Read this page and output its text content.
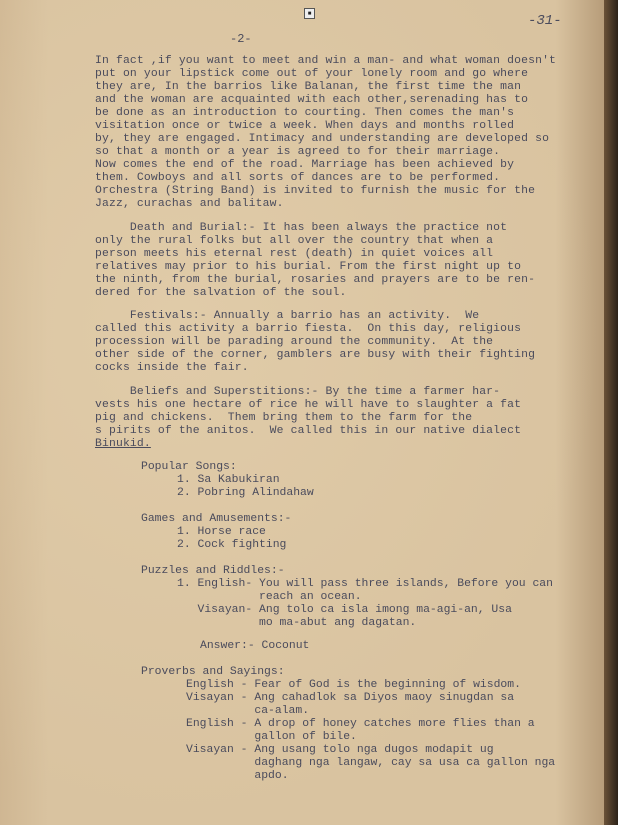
■
-2-
-31-
In fact ,if you want to meet and win a man- and what woman doesn't
put on your lipstick come out of your lonely room and go where
they are, In the barrios like Balanan, the first time the man
and the woman are acquainted with each other,serenading has to
be done as an introduction to courting. Then comes the man's
visitation once or twice a week. When days and months rolled
by, they are engaged. Intimacy and understanding are developed so
so that a month or a year is agreed to for their marriage.
Now comes the end of the road. Marriage has been achieved by
them. Cowboys and all sorts of dances are to be performed.
Orchestra (String Band) is invited to furnish the music for the
Jazz, curachas and balitaw.
Death and Burial:- It has been always the practice not
only the rural folks but all over the country that when a
person meets his eternal rest (death) in quiet voices all
relatives may prior to his burial. From the first night up to
the ninth, from the burial, rosaries and prayers are to be ren-
dered for the salvation of the soul.
Festivals:- Annually a barrio has an activity.  We
called this activity a barrio fiesta.  On this day, religious
procession will be parading around the community.  At the
other side of the corner, gamblers are busy with their fighting
cocks inside the fair.
Beliefs and Superstitions:- By the time a farmer har-
vests his one hectare of rice he will have to slaughter a fat
pig and chickens.  Them bring them to the farm for the
s pirits of the anitos.  We called this in our native dialect
Binukid.
Popular Songs:
1. Sa Kabukiran
2. Pobring Alindahaw
Games and Amusements:-
1. Horse race
2. Cock fighting
Puzzles and Riddles:-
1. English- You will pass three islands, Before you can
reach an ocean.
Visayan- Ang tolo ca isla imong ma-agi-an, Usa
mo ma-abut ang dagatan.
Answer:- Coconut
Proverbs and Sayings:
English - Fear of God is the beginning of wisdom.
Visayan - Ang cahadlok sa Diyos maoy sinugdan sa
ca-alam.
English - A drop of honey catches more flies than a
gallon of bile.
Visayan - Ang usang tolo nga dugos modapit ug
daghang nga langaw, cay sa usa ca gallon nga
apdo.
